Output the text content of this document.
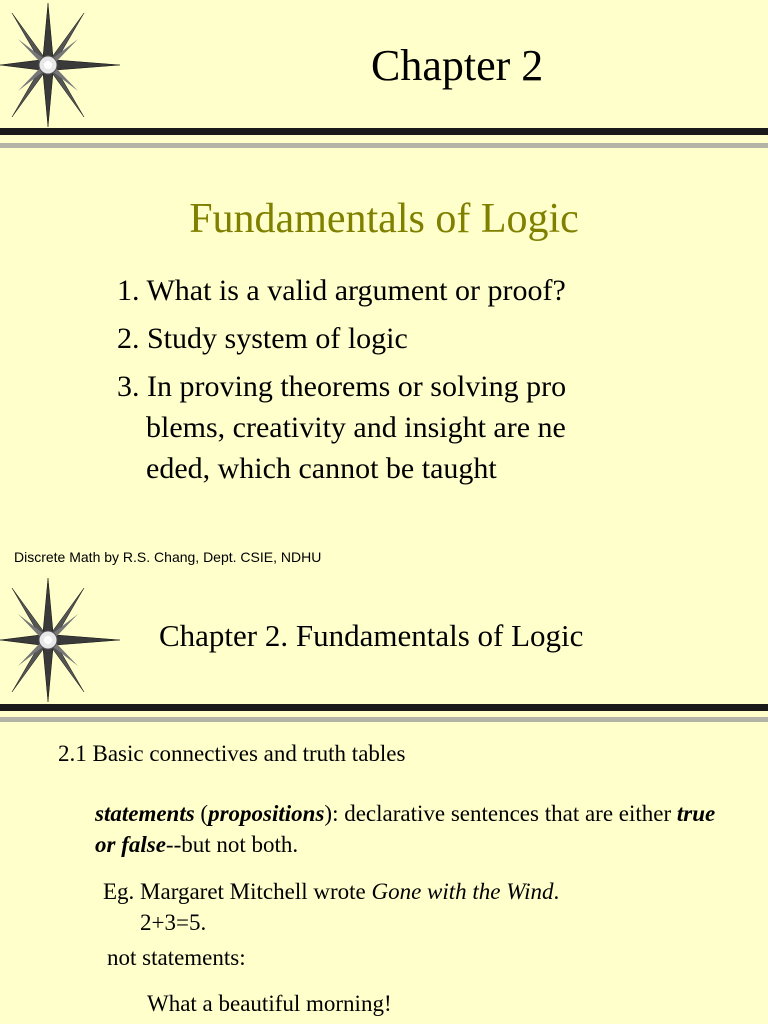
Chapter 2
Fundamentals of Logic
1. What is a valid argument or proof?
2. Study system of logic
3. In proving theorems or solving pro
blems, creativity and insight are ne
eded, which cannot be taught
Discrete Math by R.S. Chang, Dept. CSIE, NDHU
Chapter 2. Fundamentals of Logic
2.1 Basic connectives and truth tables
statements (propositions): declarative sentences that are either true or false--but not both.
Eg. Margaret Mitchell wrote Gone with the Wind.
2+3=5.
not statements:
What a beautiful morning!
